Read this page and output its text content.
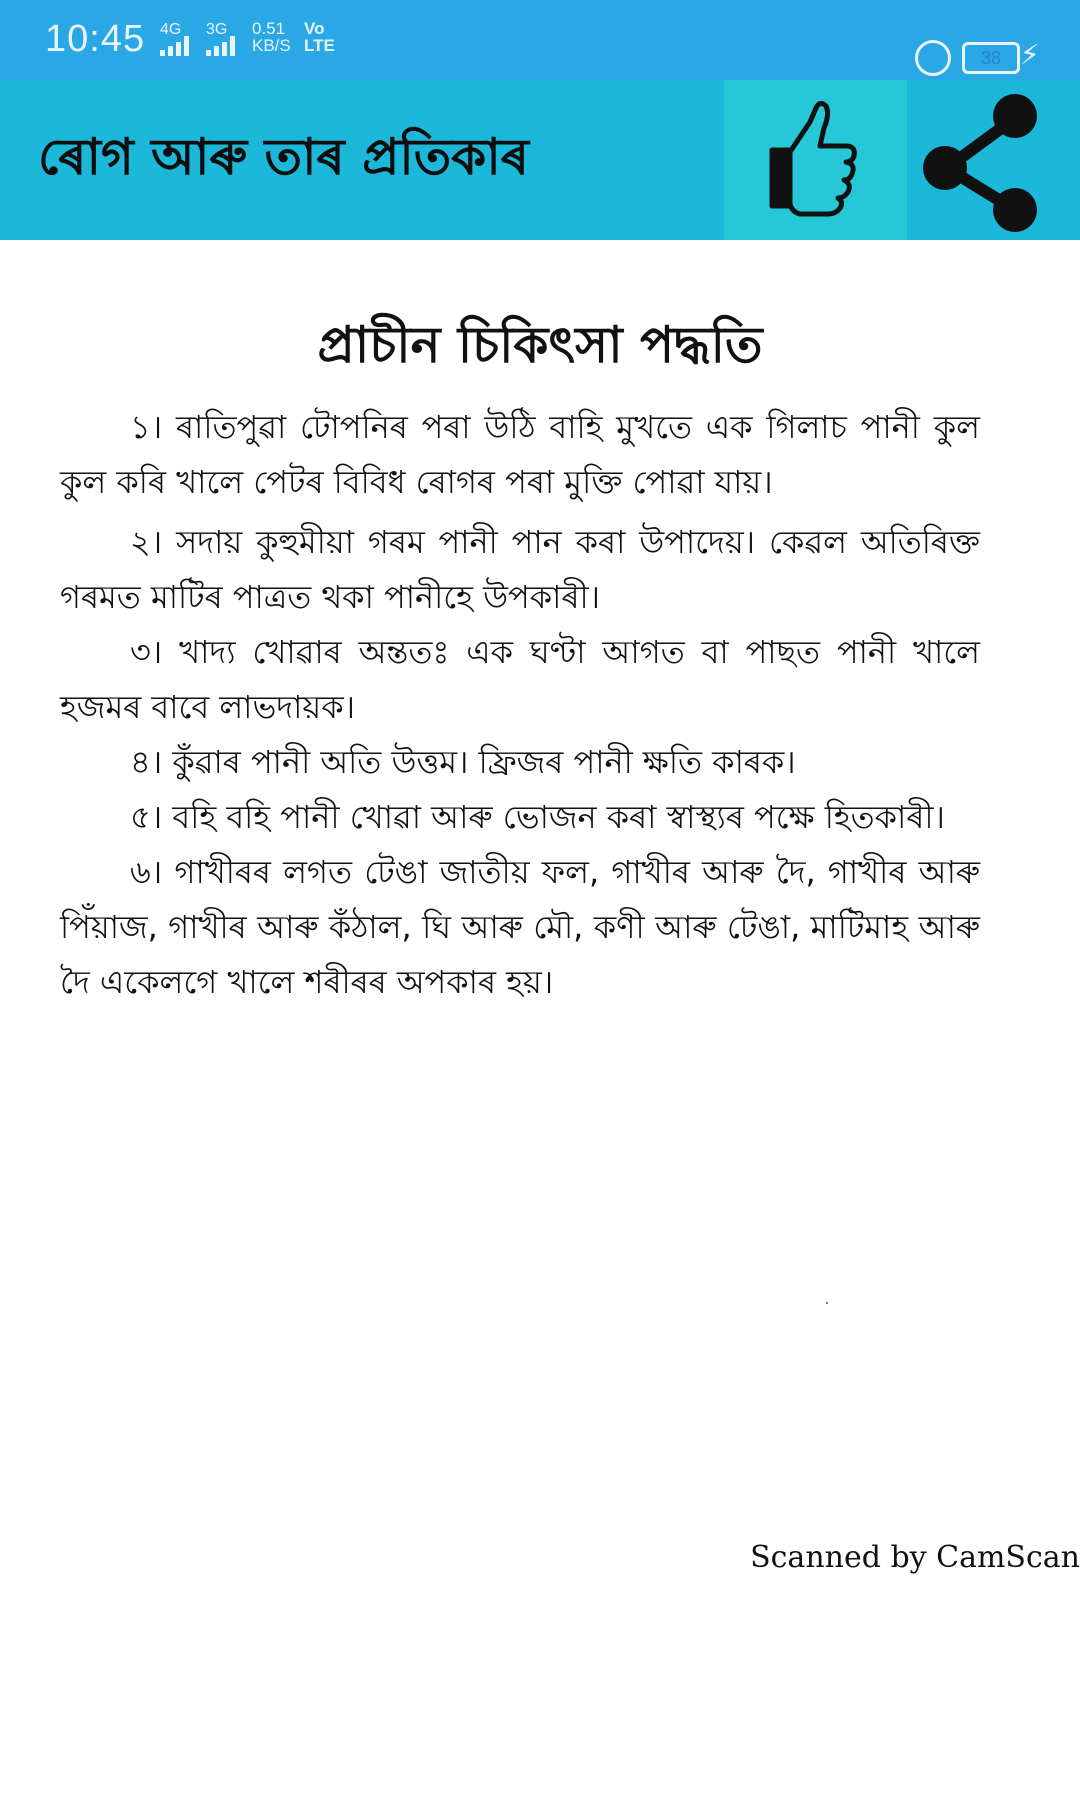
10:45 4G 3G 0.51
KB/S
Vo
LTE
38 ⚡
ৰোগ আৰু তাৰ প্ৰতিকাৰ
প্ৰাচীন চিকিৎসা পদ্ধতি
১। ৰাতিপুৱা টোপনিৰ পৰা উঠি বাহি মুখতে এক গিলাচ পানী কুল কুল কৰি খালে পেটৰ বিবিধ ৰোগৰ পৰা মুক্তি পোৱা যায়।
২। সদায় কুহুমীয়া গৰম পানী পান কৰা উপাদেয়। কেৱল অতিৰিক্ত গৰমত মাটিৰ পাত্ৰত থকা পানীহে উপকাৰী।
৩। খাদ্য খোৱাৰ অন্ততঃ এক ঘণ্টা আগত বা পাছত পানী খালে হজমৰ বাবে লাভদায়ক।
৪। কুঁৱাৰ পানী অতি উত্তম। ফ্ৰিজৰ পানী ক্ষতি কাৰক।
৫। বহি বহি পানী খোৱা আৰু ভোজন কৰা স্বাস্থ্যৰ পক্ষে হিতকাৰী।
৬। গাখীৰৰ লগত টেঙা জাতীয় ফল, গাখীৰ আৰু দৈ, গাখীৰ আৰু পিঁয়াজ, গাখীৰ আৰু কঁঠাল, ঘি আৰু মৌ, কণী আৰু টেঙা, মাটিমাহ আৰু দৈ একেলগে খালে শৰীৰৰ অপকাৰ হয়।
Scanned by CamScan
